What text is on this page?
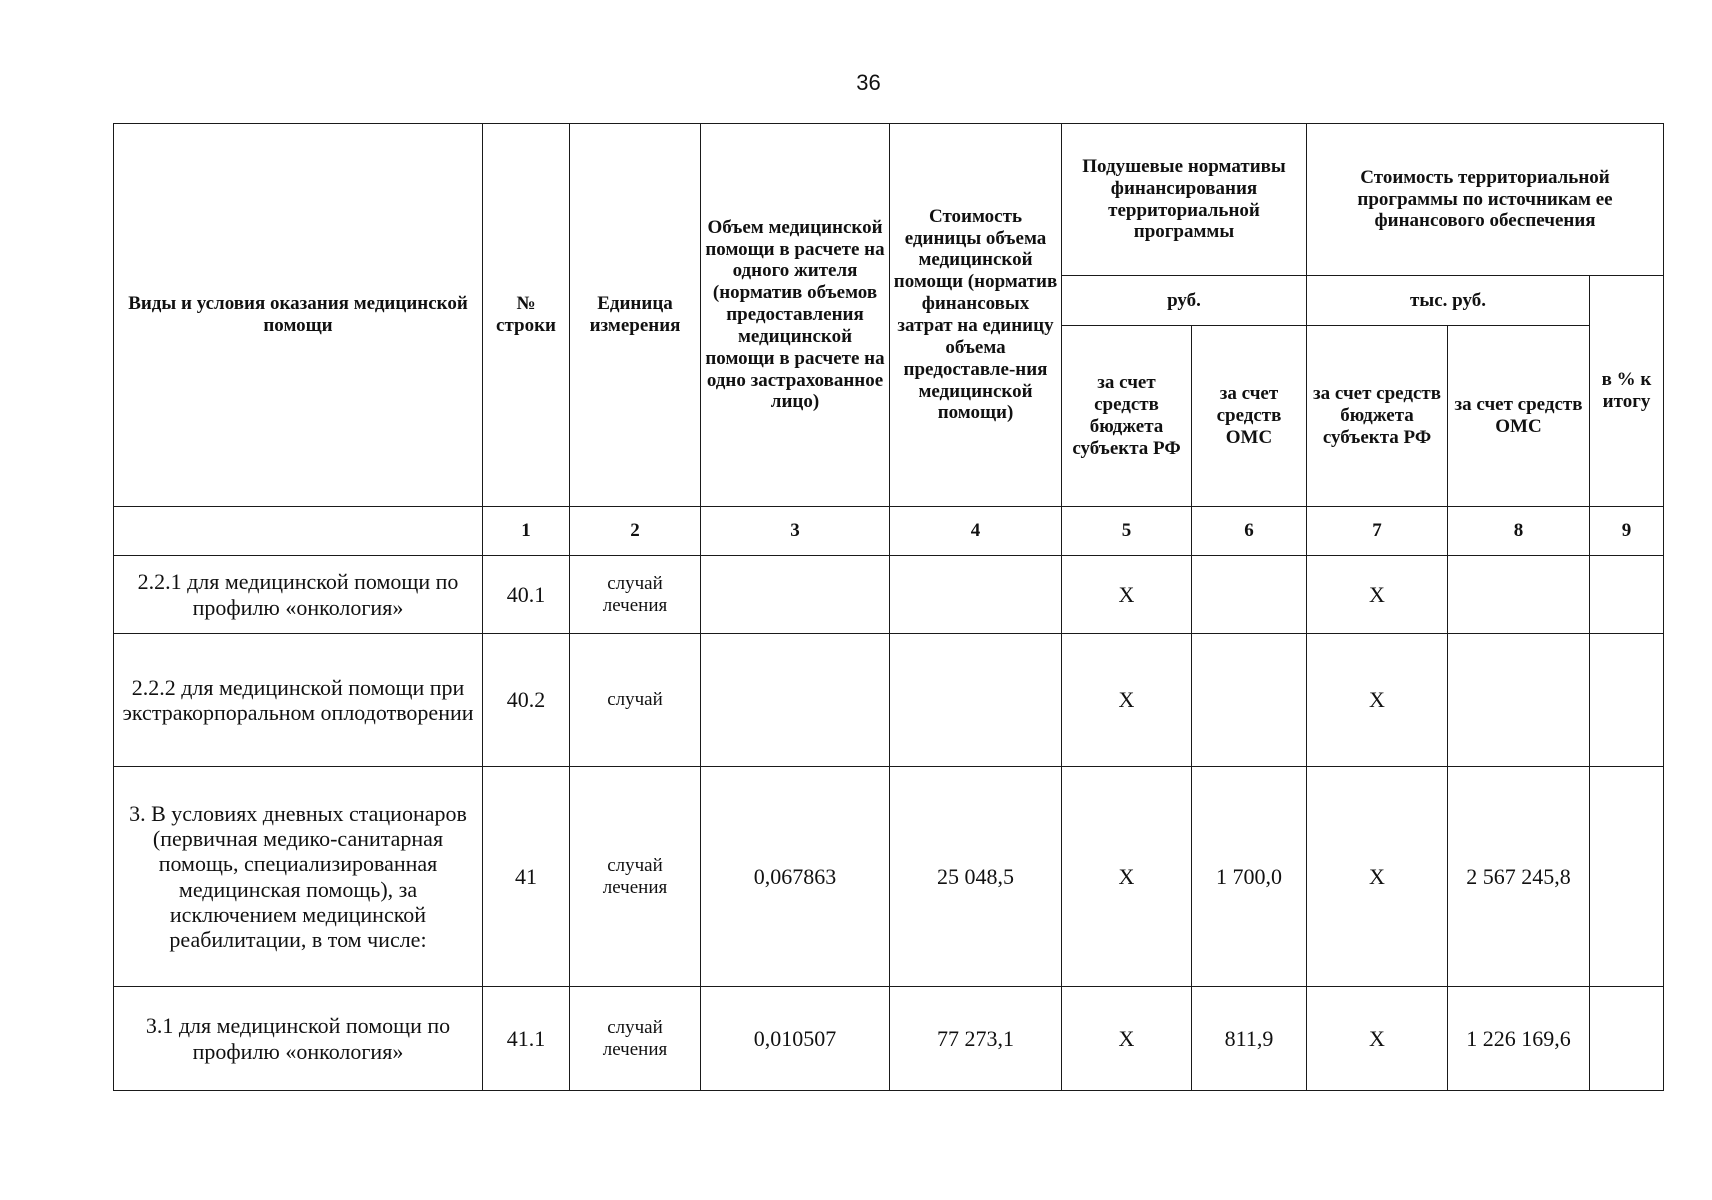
36
Виды и условия оказания медицинской помощи	№ строки	Единица измерения	Объем медицинской помощи в расчете на одного жителя (норматив объемов предоставления медицинской помощи в расчете на одно застрахованное лицо)	Стоимость единицы объема медицинской помощи (норматив финансовых затрат на единицу объема предоставле-ния медицинской помощи)	Подушевые нормативы финансирования территориальной программы		Стоимость территориальной программы по источникам ее финансового обеспечения		
					руб.		тыс. руб.		в % к итогу
					за счет средств бюджета субъекта РФ	за счет средств ОМС	за счет средств бюджета субъекта РФ	за счет средств ОМС	
	1	2	3	4	5	6	7	8	9
2.2.1 для медицинской помощи по профилю «онкология»	40.1	случай лечения			X		X		
2.2.2 для медицинской помощи при экстракорпоральном оплодотворении	40.2	случай			X		X		
3. В условиях дневных стационаров (первичная медико-санитарная помощь, специализированная медицинская помощь), за исключением медицинской реабилитации, в том числе:	41	случай лечения	0,067863	25 048,5	X	1 700,0	X	2 567 245,8	
3.1 для медицинской помощи по профилю «онкология»	41.1	случай лечения	0,010507	77 273,1	X	811,9	X	1 226 169,6	
